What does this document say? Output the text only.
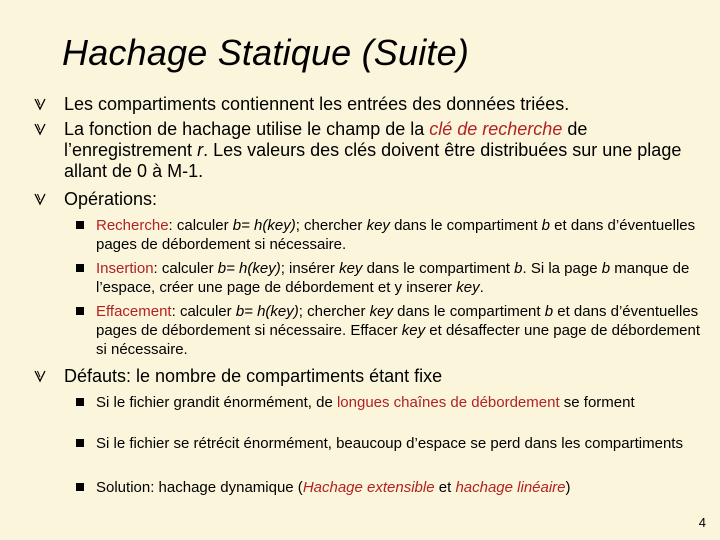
Hachage Statique (Suite)
Les compartiments contiennent les entrées des données triées.
La fonction de hachage utilise le champ de la clé de recherche de l’enregistrement r. Les valeurs des clés doivent être distribuées sur une plage allant de 0 à M-1.
Opérations:
Recherche: calculer b= h(key); chercher key dans le compartiment b et dans d’éventuelles pages de débordement si nécessaire.
Insertion: calculer b= h(key); insérer key dans le compartiment b. Si la page b manque de l’espace, créer une page de débordement et y inserer key.
Effacement: calculer b= h(key); chercher key dans le compartiment b et dans d’éventuelles pages de débordement si nécessaire. Effacer key et désaffecter une page de débordement si nécessaire.
Défauts: le nombre de compartiments étant fixe
Si le fichier grandit énormément, de longues chaînes de débordement se forment
Si le fichier se rétrécit énormément, beaucoup d’espace se perd dans les compartiments
Solution: hachage dynamique (Hachage extensible et hachage linéaire)
4
